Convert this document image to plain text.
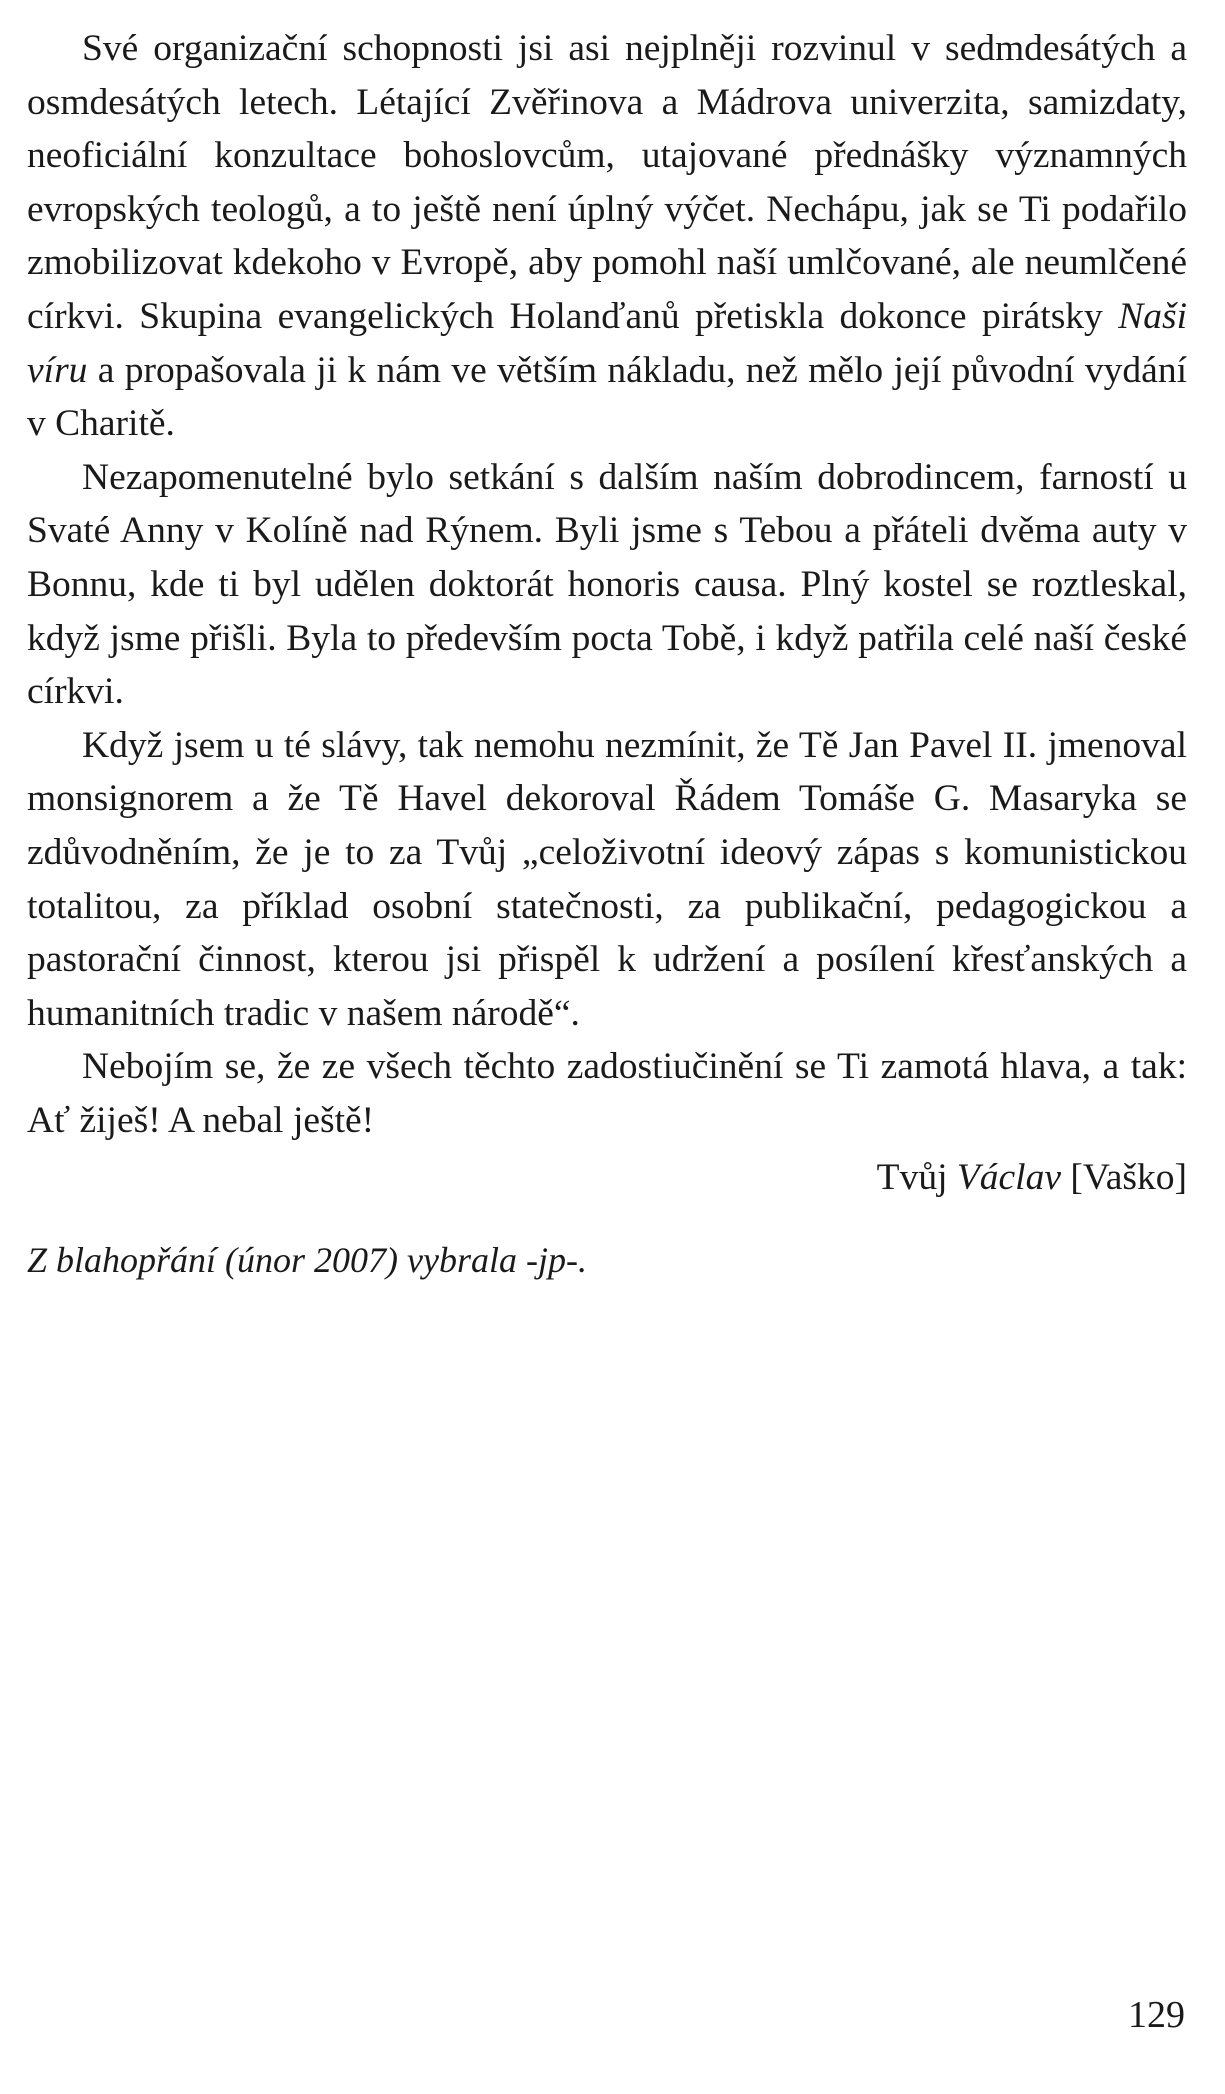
Své organizační schopnosti jsi asi nejplněji rozvinul v sedmdesátých a osmdesátých letech. Létající Zvěřinova a Mádrova univerzita, samizdaty, neoficiální konzultace bohoslovcům, utajované přednášky významných evropských teologů, a to ještě není úplný výčet. Nechápu, jak se Ti podařilo zmobilizovat kdekoho v Evropě, aby pomohl naší umlčované, ale neumlčené církvi. Skupina evangelických Holanďanů přetiskla dokonce pirátsky Naši víru a propašovala ji k nám ve větším nákladu, než mělo její původní vydání v Charitě.

Nezapomenutelné bylo setkání s dalším naším dobrodincem, farností u Svaté Anny v Kolíně nad Rýnem. Byli jsme s Tebou a přáteli dvěma auty v Bonnu, kde ti byl udělen doktorát honoris causa. Plný kostel se roztleskal, když jsme přišli. Byla to především pocta Tobě, i když patřila celé naší české církvi.

Když jsem u té slávy, tak nemohu nezmínit, že Tě Jan Pavel II. jmenoval monsignorem a že Tě Havel dekoroval Řádem Tomáše G. Masaryka se zdůvodněním, že je to za Tvůj „celoživotní ideový zápas s komunistickou totalitou, za příklad osobní statečnosti, za publikační, pedagogickou a pastorační činnost, kterou jsi přispěl k udržení a posílení křesťanských a humanitních tradic v našem národě“.

Nebojím se, že ze všech těchto zadostiučinění se Ti zamotá hlava, a tak: Ať žiješ! A nebal ještě!

Tvůj Václav [Vaško]

Z blahopřání (únor 2007) vybrala -jp-.

129
